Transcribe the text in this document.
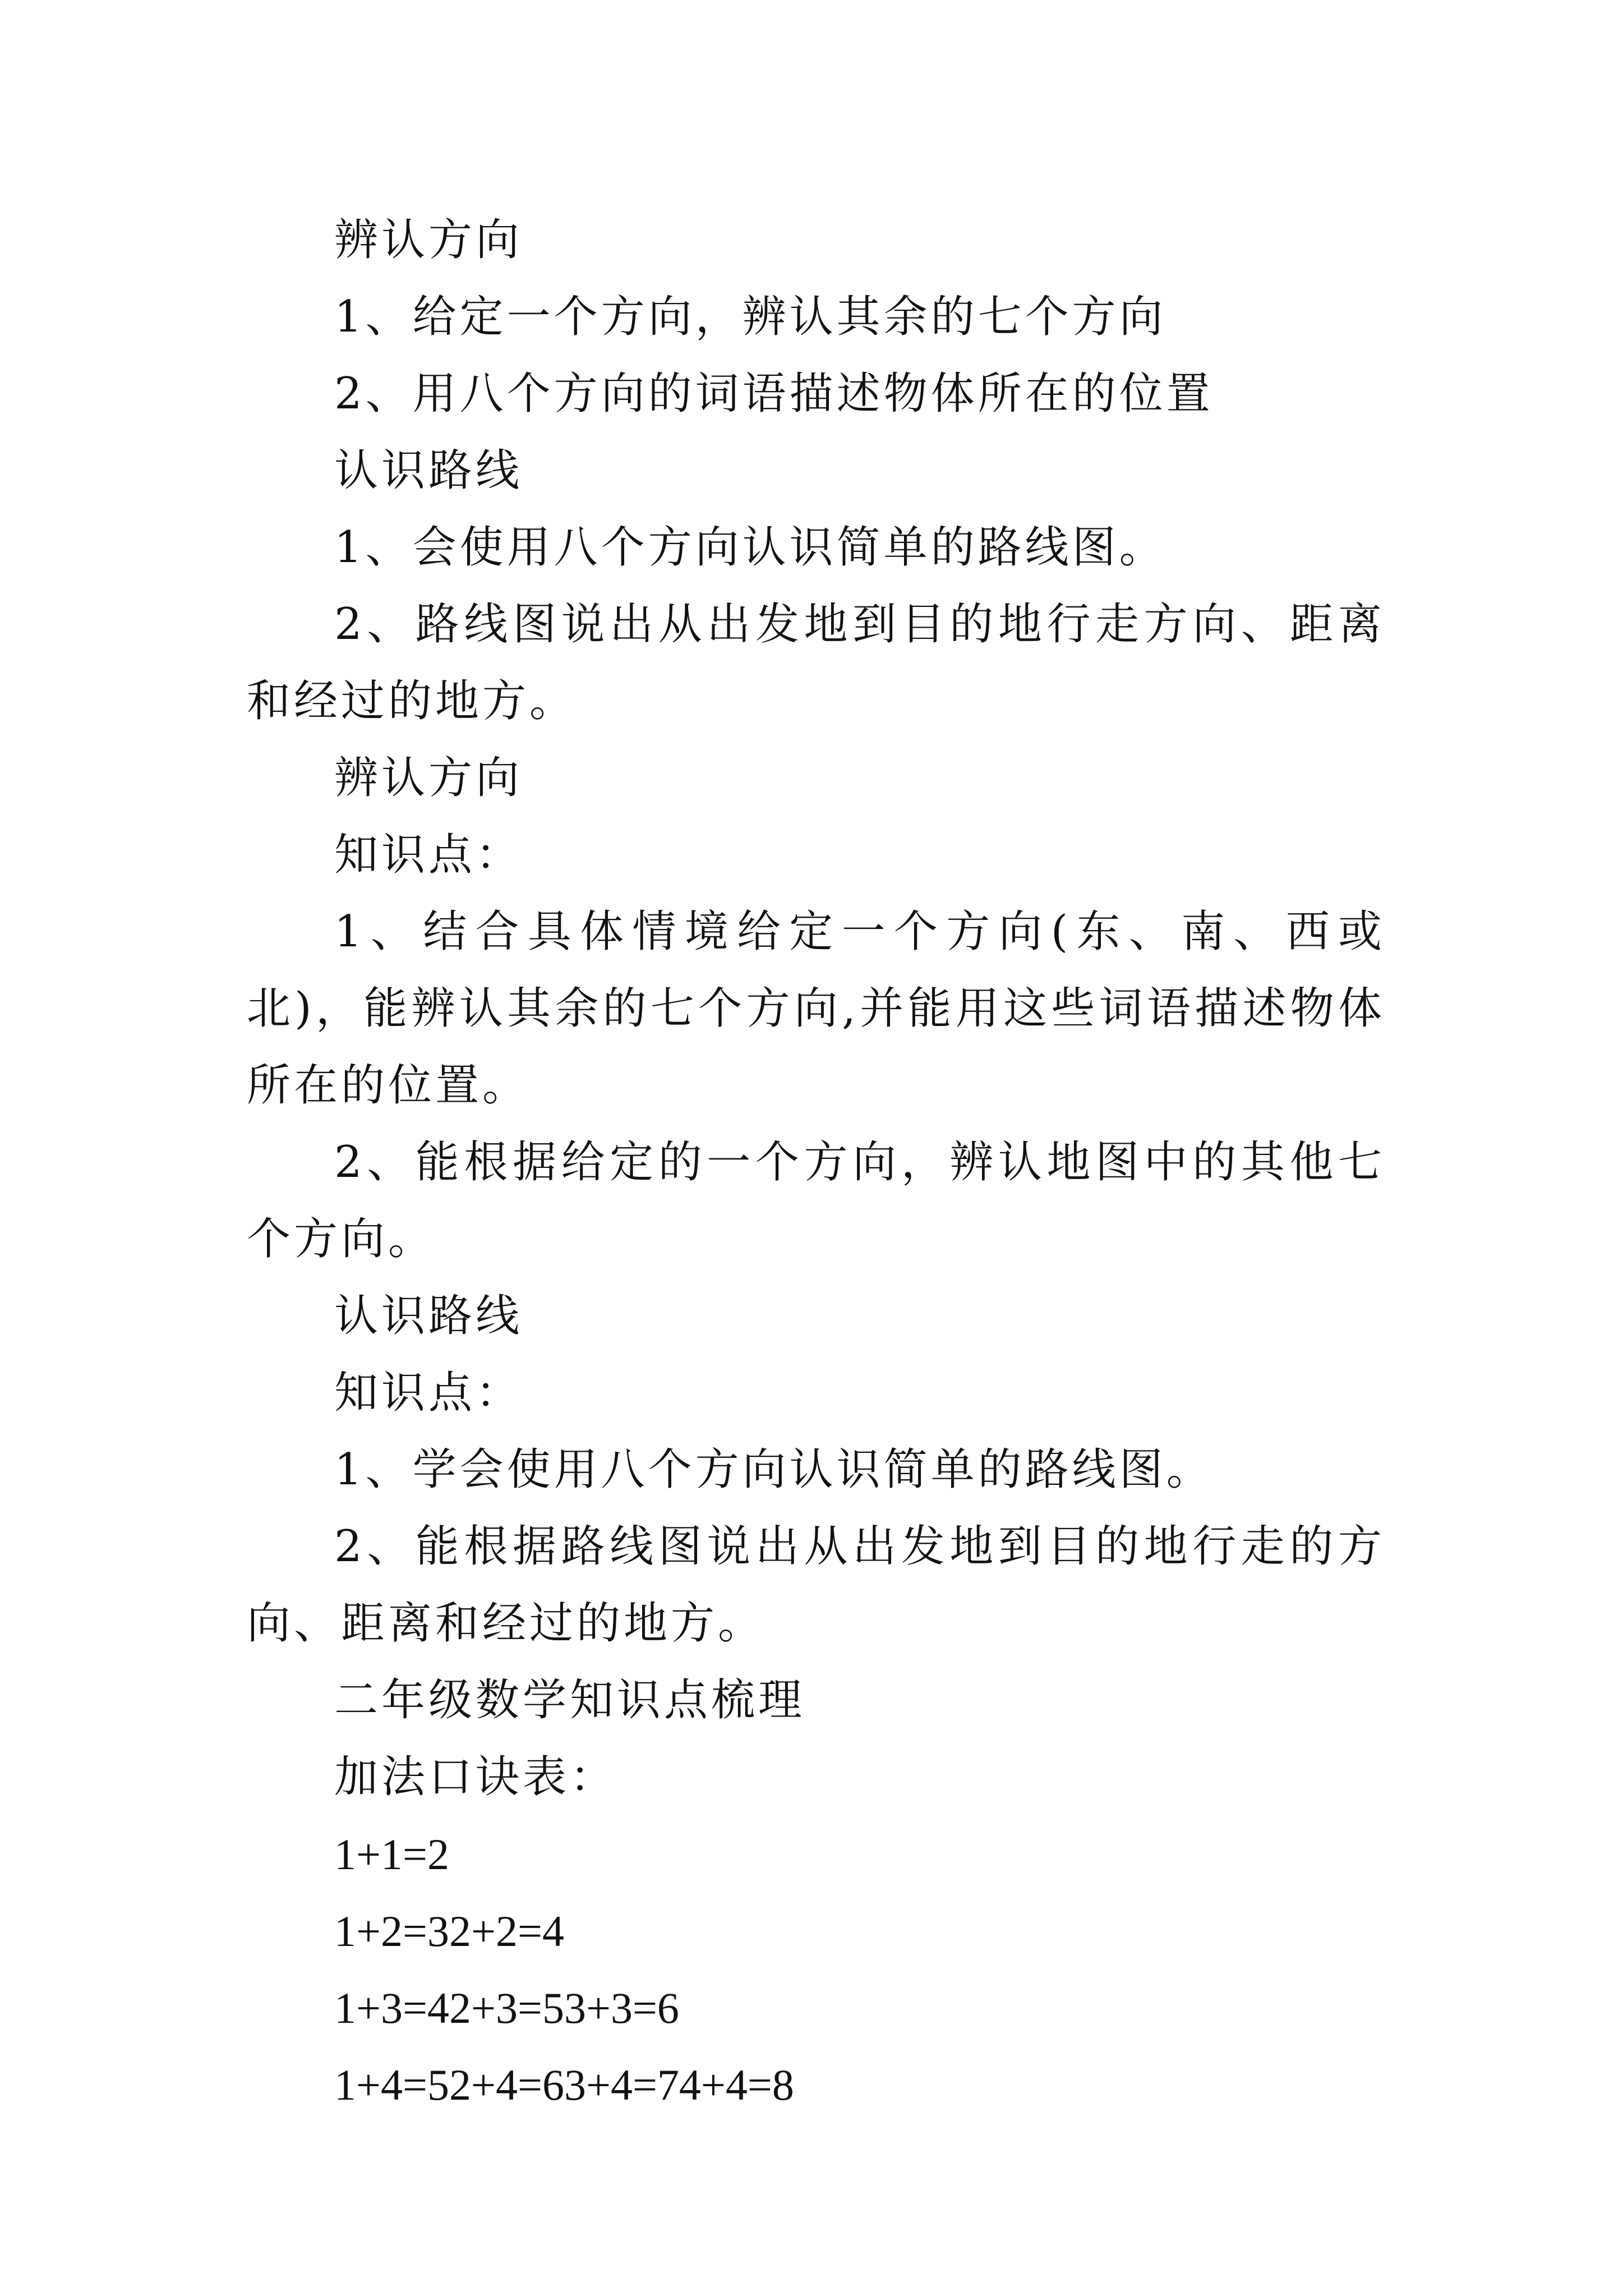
辨认方向

1、给定一个方向，辨认其余的七个方向

2、用八个方向的词语描述物体所在的位置

认识路线

1、会使用八个方向认识简单的路线图。

2、路线图说出从出发地到目的地行走方向、距离和经过的地方。

辨认方向

知识点：

1、结合具体情境给定一个方向(东、南、西或北)，能辨认其余的七个方向,并能用这些词语描述物体所在的位置。

2、能根据给定的一个方向，辨认地图中的其他七个方向。

认识路线

知识点：

1、学会使用八个方向认识简单的路线图。

2、能根据路线图说出从出发地到目的地行走的方向、距离和经过的地方。

二年级数学知识点梳理

加法口诀表：

1+1=2

1+2=32+2=4

1+3=42+3=53+3=6

1+4=52+4=63+4=74+4=8
